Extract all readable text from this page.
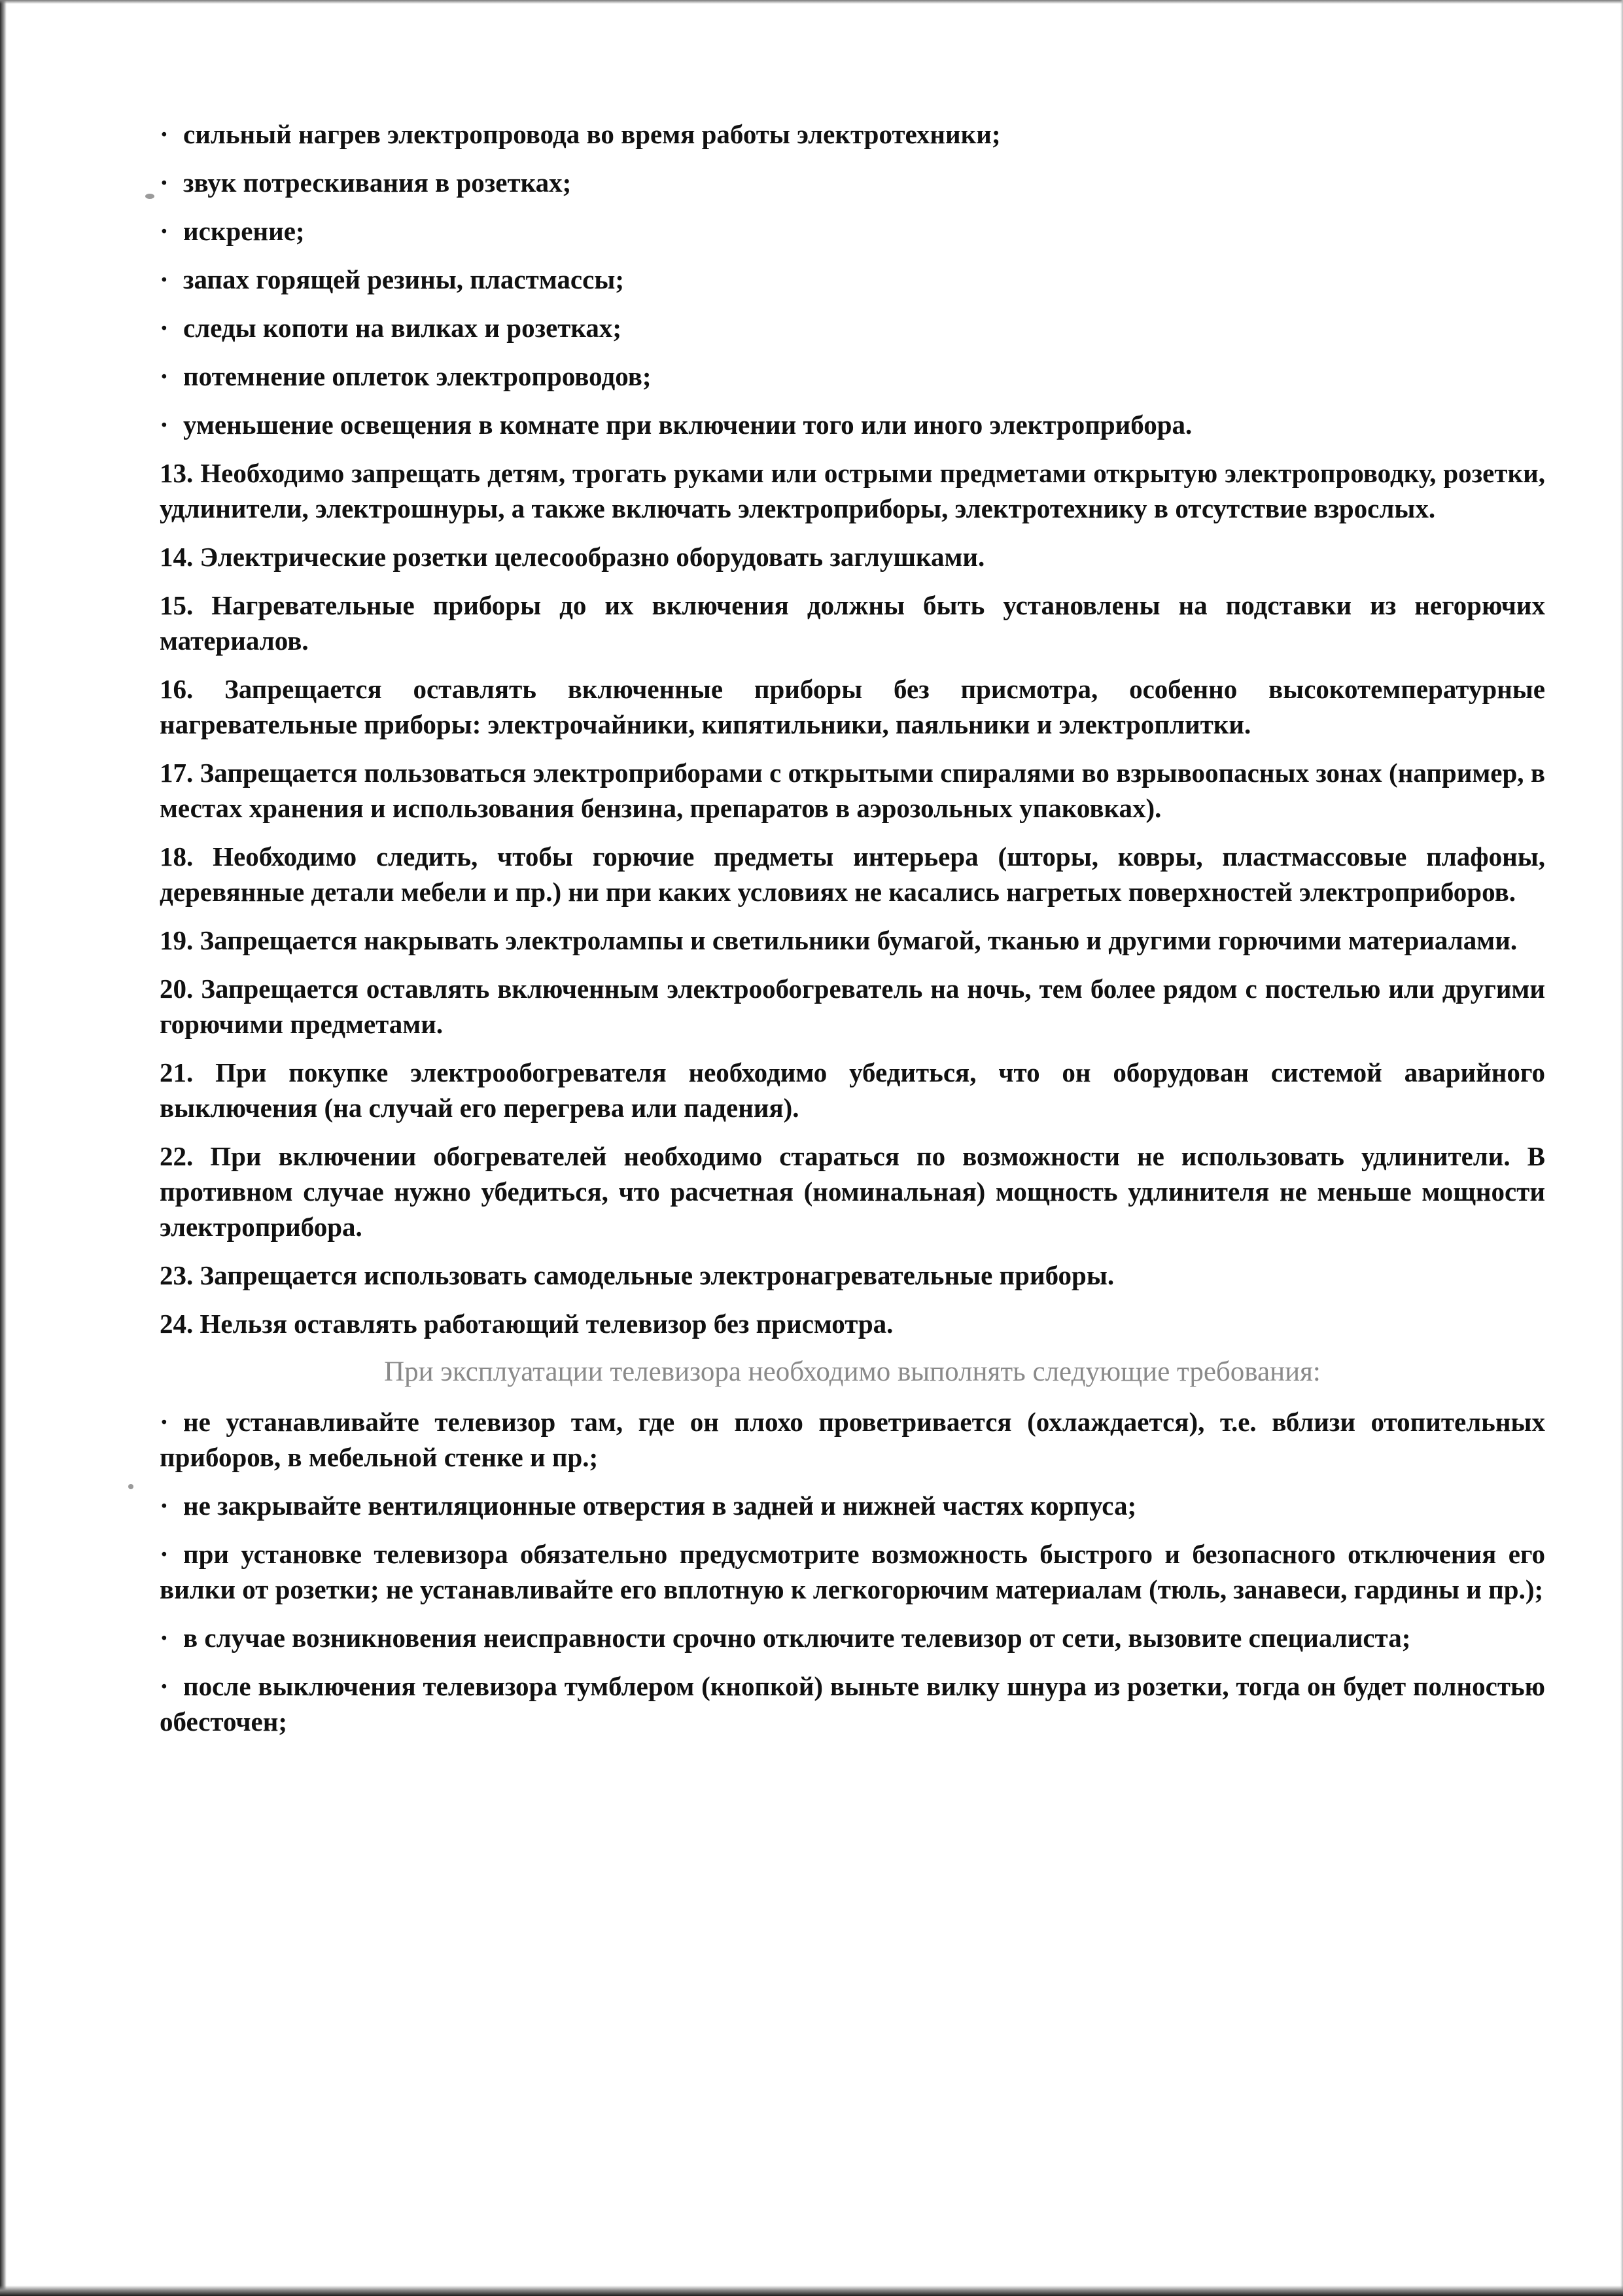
· сильный нагрев электропровода во время работы электротехники;
· звук потрескивания в розетках;
· искрение;
· запах горящей резины, пластмассы;
· следы копоти на вилках и розетках;
· потемнение оплеток электропроводов;
· уменьшение освещения в комнате при включении того или иного электроприбора.

13. Необходимо запрещать детям, трогать руками или острыми предметами открытую электропроводку, розетки, удлинители, электрошнуры, а также включать электроприборы, электротехнику в отсутствие взрослых.

14. Электрические розетки целесообразно оборудовать заглушками.

15. Нагревательные приборы до их включения должны быть установлены на подставки из негорючих материалов.

16. Запрещается оставлять включенные приборы без присмотра, особенно высокотемпературные нагревательные приборы: электрочайники, кипятильники, паяльники и электроплитки.

17. Запрещается пользоваться электроприборами с открытыми спиралями во взрывоопасных зонах (например, в местах хранения и использования бензина, препаратов в аэрозольных упаковках).

18. Необходимо следить, чтобы горючие предметы интерьера (шторы, ковры, пластмассовые плафоны, деревянные детали мебели и пр.) ни при каких условиях не касались нагретых поверхностей электроприборов.

19. Запрещается накрывать электролампы и светильники бумагой, тканью и другими горючими материалами.

20. Запрещается оставлять включенным электрообогреватель на ночь, тем более рядом с постелью или другими горючими предметами.

21. При покупке электрообогревателя необходимо убедиться, что он оборудован системой аварийного выключения (на случай его перегрева или падения).

22. При включении обогревателей необходимо стараться по возможности не использовать удлинители. В противном случае нужно убедиться, что расчетная (номинальная) мощность удлинителя не меньше мощности электроприбора.

23. Запрещается использовать самодельные электронагревательные приборы.

24. Нельзя оставлять работающий телевизор без присмотра.

При эксплуатации телевизора необходимо выполнять следующие требования:
· не устанавливайте телевизор там, где он плохо проветривается (охлаждается), т.е. вблизи отопительных приборов, в мебельной стенке и пр.;
· не закрывайте вентиляционные отверстия в задней и нижней частях корпуса;
· при установке телевизора обязательно предусмотрите возможность быстрого и безопасного отключения его вилки от розетки; не устанавливайте его вплотную к легкогорючим материалам (тюль, занавеси, гардины и пр.);
· в случае возникновения неисправности срочно отключите телевизор от сети, вызовите специалиста;
· после выключения телевизора тумблером (кнопкой) выньте вилку шнура из розетки, тогда он будет полностью обесточен;
